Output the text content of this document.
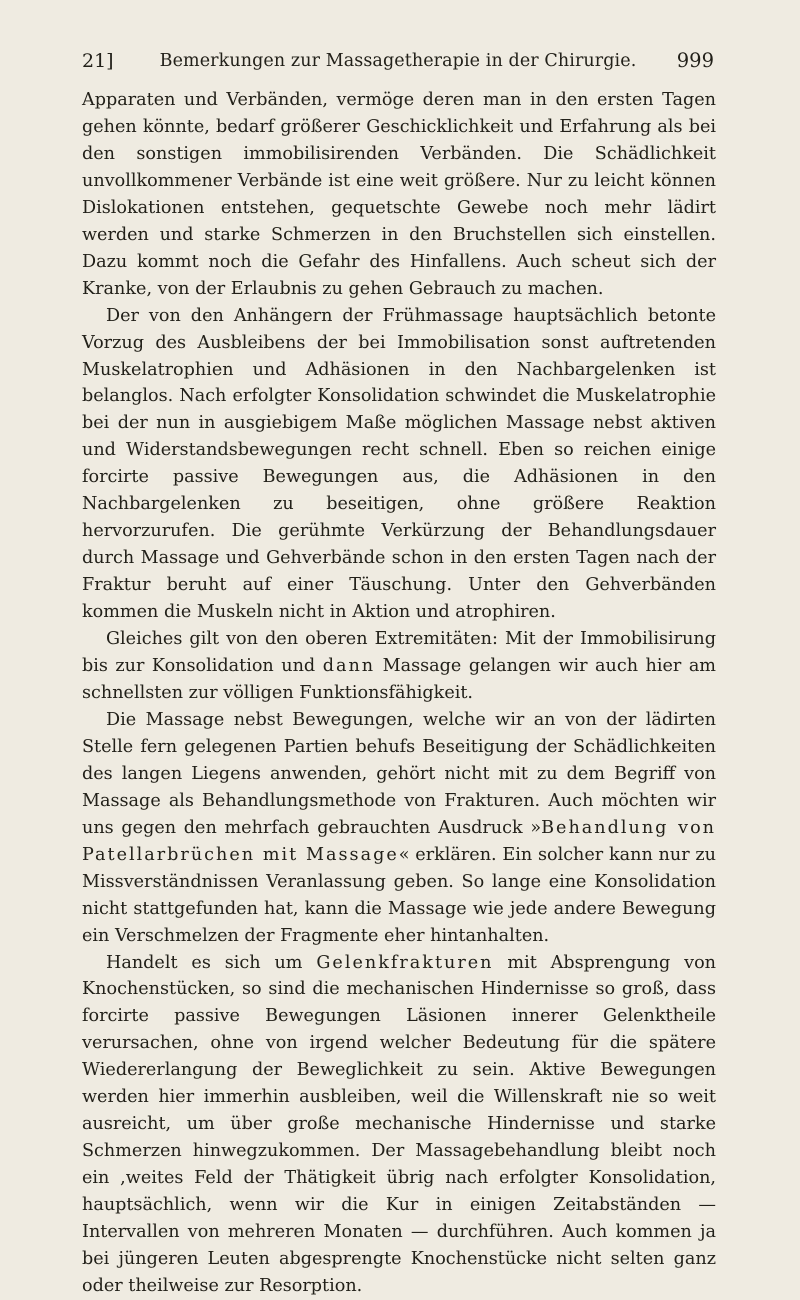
21]	Bemerkungen zur Massagetherapie in der Chirurgie.	999

Apparaten und Verbänden, vermöge deren man in den ersten Tagen gehen könnte, bedarf größerer Geschicklichkeit und Erfahrung als bei den sonstigen immobilisirenden Verbänden. Die Schädlichkeit unvollkommener Verbände ist eine weit größere. Nur zu leicht können Dislokationen entstehen, gequetschte Gewebe noch mehr lädirt werden und starke Schmerzen in den Bruchstellen sich einstellen. Dazu kommt noch die Gefahr des Hinfallens. Auch scheut sich der Kranke, von der Erlaubnis zu gehen Gebrauch zu machen.

Der von den Anhängern der Frühmassage hauptsächlich betonte Vorzug des Ausbleibens der bei Immobilisation sonst auftretenden Muskelatrophien und Adhäsionen in den Nachbargelenken ist belanglos. Nach erfolgter Konsolidation schwindet die Muskelatrophie bei der nun in ausgiebigem Maße möglichen Massage nebst aktiven und Widerstandsbewegungen recht schnell. Eben so reichen einige forcirte passive Bewegungen aus, die Adhäsionen in den Nachbargelenken zu beseitigen, ohne größere Reaktion hervorzurufen. Die gerühmte Verkürzung der Behandlungsdauer durch Massage und Gehverbände schon in den ersten Tagen nach der Fraktur beruht auf einer Täuschung. Unter den Gehverbänden kommen die Muskeln nicht in Aktion und atrophiren.

Gleiches gilt von den oberen Extremitäten: Mit der Immobilisirung bis zur Konsolidation und dann Massage gelangen wir auch hier am schnellsten zur völligen Funktionsfähigkeit.

Die Massage nebst Bewegungen, welche wir an von der lädirten Stelle fern gelegenen Partien behufs Beseitigung der Schädlichkeiten des langen Liegens anwenden, gehört nicht mit zu dem Begriff von Massage als Behandlungsmethode von Frakturen. Auch möchten wir uns gegen den mehrfach gebrauchten Ausdruck »Behandlung von Patellarbrüchen mit Massage« erklären. Ein solcher kann nur zu Missverständnissen Veranlassung geben. So lange eine Konsolidation nicht stattgefunden hat, kann die Massage wie jede andere Bewegung ein Verschmelzen der Fragmente eher hintanhalten.

Handelt es sich um Gelenkfrakturen mit Absprengung von Knochenstücken, so sind die mechanischen Hindernisse so groß, dass forcirte passive Bewegungen Läsionen innerer Gelenktheile verursachen, ohne von irgend welcher Bedeutung für die spätere Wiedererlangung der Beweglichkeit zu sein. Aktive Bewegungen werden hier immerhin ausbleiben, weil die Willenskraft nie so weit ausreicht, um über große mechanische Hindernisse und starke Schmerzen hinwegzukommen. Der Massagebehandlung bleibt noch ein ,weites Feld der Thätigkeit übrig nach erfolgter Konsolidation, hauptsächlich, wenn wir die Kur in einigen Zeitabständen — Intervallen von mehreren Monaten — durchführen. Auch kommen ja bei jüngeren Leuten abgesprengte Knochenstücke nicht selten ganz oder theilweise zur Resorption.
